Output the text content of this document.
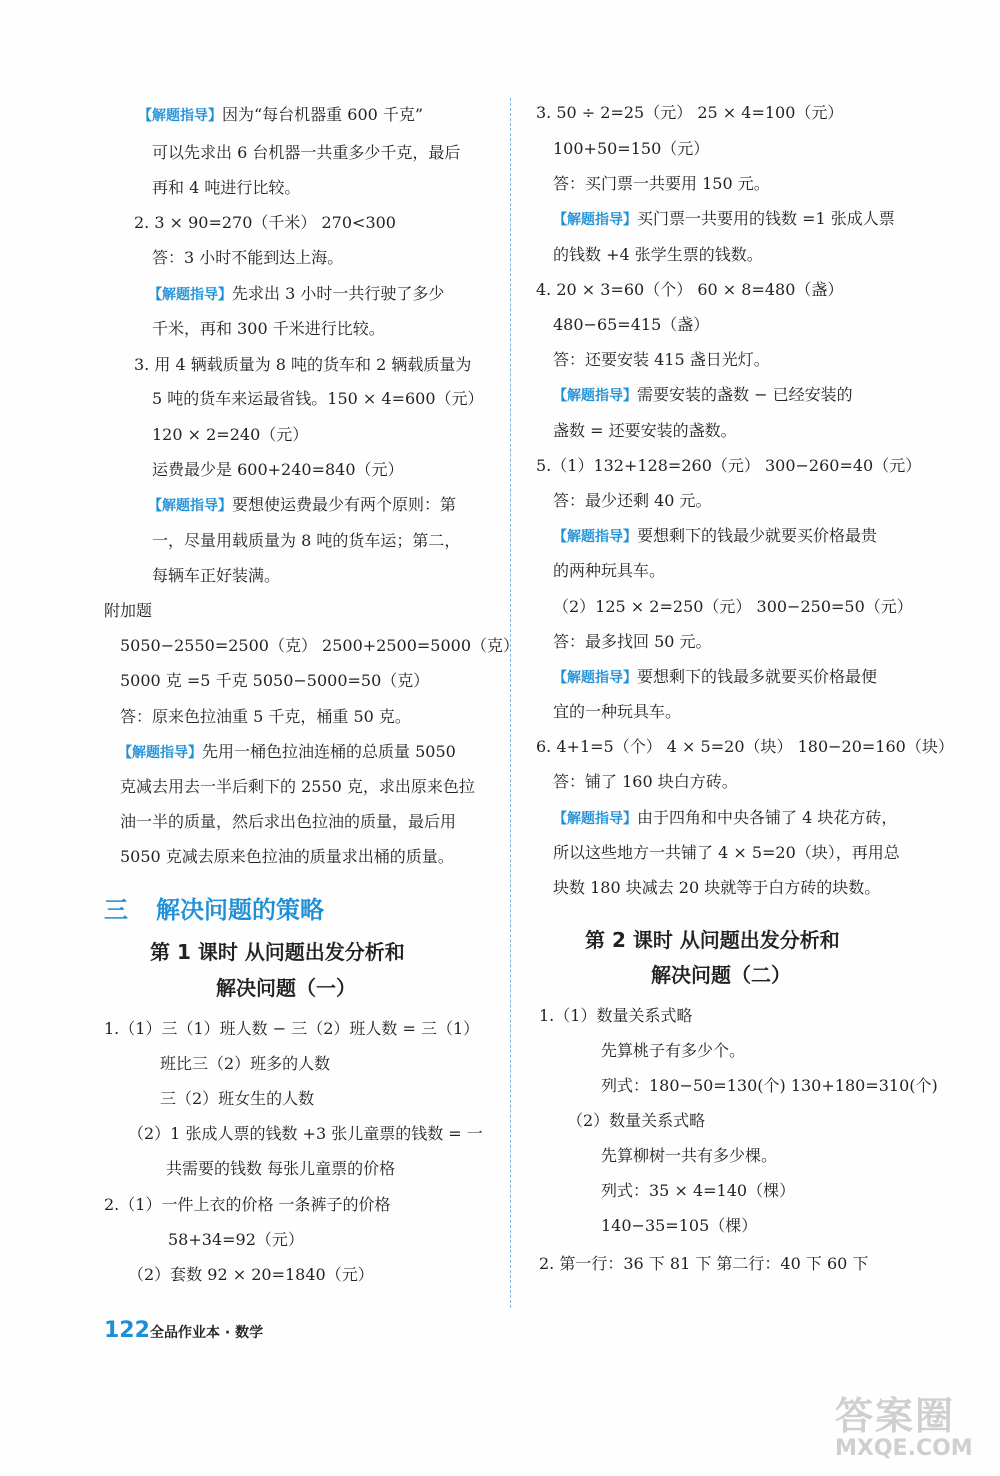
【解题指导】因为“每台机器重 600 千克”
可以先求出 6 台机器一共重多少千克，最后
再和 4 吨进行比较。
2. 3 × 90=270（千米） 270<300
答：3 小时不能到达上海。
【解题指导】先求出 3 小时一共行驶了多少
千米，再和 300 千米进行比较。
3. 用 4 辆载质量为 8 吨的货车和 2 辆载质量为
5 吨的货车来运最省钱。150 × 4=600（元）
120 × 2=240（元）
运费最少是 600+240=840（元）
【解题指导】要想使运费最少有两个原则：第
一，尽量用载质量为 8 吨的货车运；第二，
每辆车正好装满。
附加题
5050−2550=2500（克） 2500+2500=5000（克）
5000 克 =5 千克 5050−5000=50（克）
答：原来色拉油重 5 千克，桶重 50 克。
【解题指导】先用一桶色拉油连桶的总质量 5050
克减去用去一半后剩下的 2550 克，求出原来色拉
油一半的质量，然后求出色拉油的质量，最后用
5050 克减去原来色拉油的质量求出桶的质量。
三 解决问题的策略
第 1 课时 从问题出发分析和
解决问题（一）
1.（1）三（1）班人数 − 三（2）班人数 = 三（1）
班比三（2）班多的人数
三（2）班女生的人数
（2）1 张成人票的钱数 +3 张儿童票的钱数 = 一
共需要的钱数 每张儿童票的价格
2.（1）一件上衣的价格 一条裤子的价格
58+34=92（元）
（2）套数 92 × 20=1840（元）
3. 50 ÷ 2=25（元） 25 × 4=100（元）
100+50=150（元）
答：买门票一共要用 150 元。
【解题指导】买门票一共要用的钱数 =1 张成人票
的钱数 +4 张学生票的钱数。
4. 20 × 3=60（个） 60 × 8=480（盏）
480−65=415（盏）
答：还要安装 415 盏日光灯。
【解题指导】需要安装的盏数 − 已经安装的
盏数 = 还要安装的盏数。
5.（1）132+128=260（元） 300−260=40（元）
答：最少还剩 40 元。
【解题指导】要想剩下的钱最少就要买价格最贵
的两种玩具车。
（2）125 × 2=250（元） 300−250=50（元）
答：最多找回 50 元。
【解题指导】要想剩下的钱最多就要买价格最便
宜的一种玩具车。
6. 4+1=5（个） 4 × 5=20（块） 180−20=160（块）
答：铺了 160 块白方砖。
【解题指导】由于四角和中央各铺了 4 块花方砖，
所以这些地方一共铺了 4 × 5=20（块），再用总
块数 180 块减去 20 块就等于白方砖的块数。
第 2 课时 从问题出发分析和
解决问题（二）
1.（1）数量关系式略
先算桃子有多少个。
列式：180−50=130(个) 130+180=310(个)
（2）数量关系式略
先算柳树一共有多少棵。
列式：35 × 4=140（棵）
140−35=105（棵）
2. 第一行：36 下 81 下 第二行：40 下 60 下
122 全品作业本 · 数学
答案圈
MXQE.COM
